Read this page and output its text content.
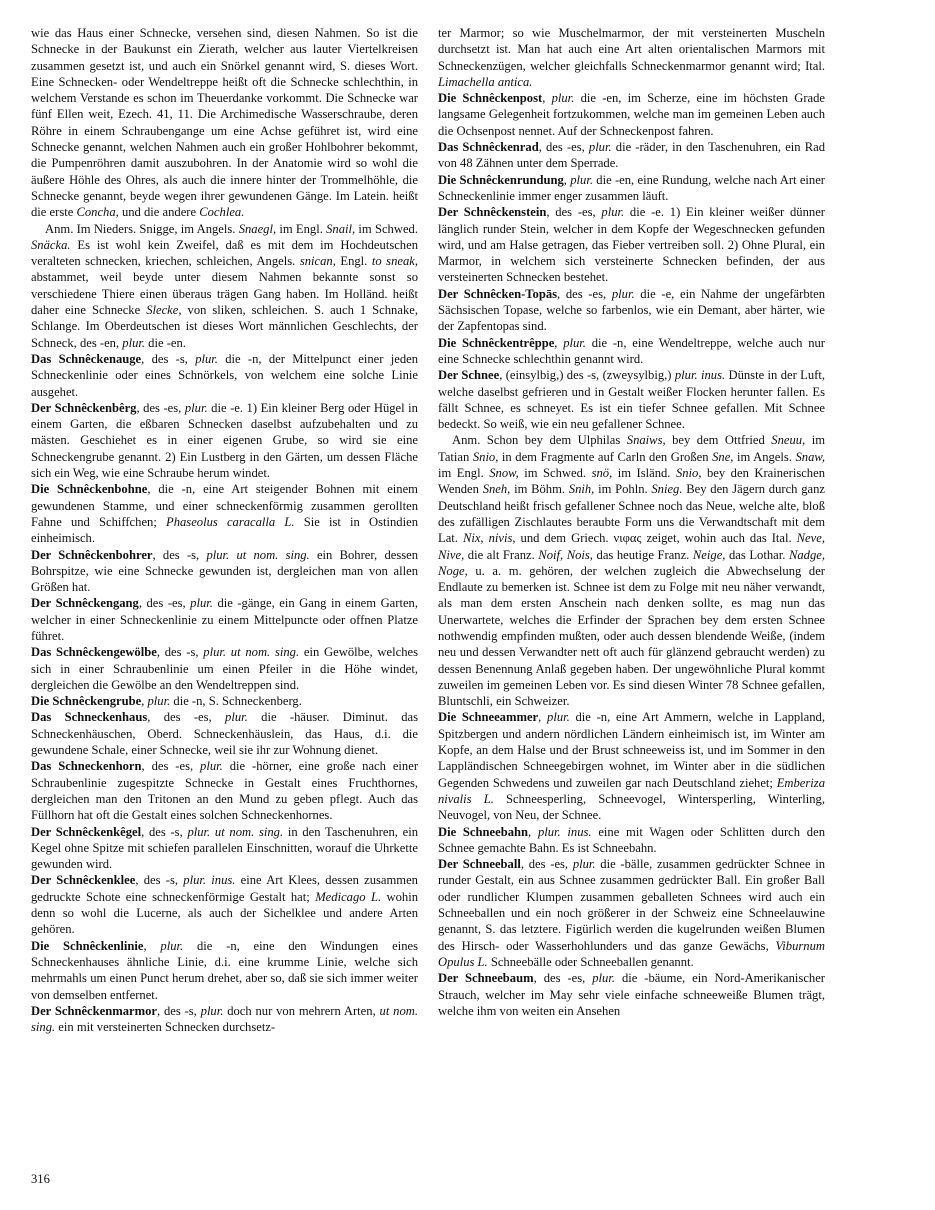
wie das Haus einer Schnecke, versehen sind, diesen Nahmen. So ist die Schnecke in der Baukunst ein Zierath, welcher aus lauter Viertelkreisen zusammen gesetzt ist, und auch ein Snörkel genannt wird, S. dieses Wort. Eine Schnecken- oder Wendeltreppe heißt oft die Schnecke schlechthin, in welchem Verstande es schon im Theuerdanke vorkommt. Die Schnecke war fünf Ellen weit, Ezech. 41, 11. Die Archimedische Wasserschraube, deren Röhre in einem Schraubengange um eine Achse geführet ist, wird eine Schnecke genannt, welchen Nahmen auch ein großer Hohlbohrer bekommt, die Pumpenröhren damit auszubohren. In der Anatomie wird so wohl die äußere Höhle des Ohres, als auch die innere hinter der Trommelhöhle, die Schnecke genannt, beyde wegen ihrer gewundenen Gänge. Im Latein. heißt die erste Concha, und die andere Cochlea.

Anm. Im Nieders. Snigge, im Angels. Snaegl, im Engl. Snail, im Schwed. Snäcka. Es ist wohl kein Zweifel, daß es mit dem im Hochdeutschen veralteten schnecken, kriechen, schleichen, Angels. snican, Engl. to sneak, abstammet, weil beyde unter diesem Nahmen bekannte sonst so verschiedene Thiere einen überaus trägen Gang haben. Im Holländ. heißt daher eine Schnecke Slecke, von sliken, schleichen. S. auch 1 Schnake, Schlange. Im Oberdeutschen ist dieses Wort männlichen Geschlechts, der Schneck, des -en, plur. die -en.

Das Schnêckenauge, des -s, plur. die -n, der Mittelpunct einer jeden Schneckenlinie oder eines Schnörkels, von welchem eine solche Linie ausgehet.

Der Schnêckenbêrg, des -es, plur. die -e. 1) Ein kleiner Berg oder Hügel in einem Garten, die eßbaren Schnecken daselbst aufzubehalten und zu mästen. Geschiehet es in einer eigenen Grube, so wird sie eine Schneckengrube genannt. 2) Ein Lustberg in den Gärten, um dessen Fläche sich ein Weg, wie eine Schraube herum windet.

Die Schnêckenbohne, die -n, eine Art steigender Bohnen mit einem gewundenen Stamme, und einer schneckenförmig zusammen gerollten Fahne und Schiffchen; Phaseolus caracalla L. Sie ist in Ostindien einheimisch.

Der Schnêckenbohrer, des -s, plur. ut nom. sing. ein Bohrer, dessen Bohrspitze, wie eine Schnecke gewunden ist, dergleichen man von allen Größen hat.

Der Schnêckengang, des -es, plur. die -gänge, ein Gang in einem Garten, welcher in einer Schneckenlinie zu einem Mittelpuncte oder offnen Platze führet.

Das Schnêckengewölbe, des -s, plur. ut nom. sing. ein Gewölbe, welches sich in einer Schraubenlinie um einen Pfeiler in die Höhe windet, dergleichen die Gewölbe an den Wendeltreppen sind.

Die Schnêckengrube, plur. die -n, S. Schneckenberg.

Das Schneckenhaus, des -es, plur. die -häuser. Diminut. das Schneckenhäuschen, Oberd. Schneckenhäuslein, das Haus, d.i. die gewundene Schale, einer Schnecke, weil sie ihr zur Wohnung dienet.

Das Schneckenhorn, des -es, plur. die -hörner, eine große nach einer Schraubenlinie zugespitzte Schnecke in Gestalt eines Fruchthornes, dergleichen man den Tritonen an den Mund zu geben pflegt. Auch das Füllhorn hat oft die Gestalt eines solchen Schneckenhornes.

Der Schnêckenkêgel, des -s, plur. ut nom. sing. in den Taschenuhren, ein Kegel ohne Spitze mit schiefen parallelen Einschnitten, worauf die Uhrkette gewunden wird.

Der Schnêckenklee, des -s, plur. inus. eine Art Klees, dessen zusammen gedruckte Schote eine schneckenförmige Gestalt hat; Medicago L. wohin denn so wohl die Lucerne, als auch der Sichelklee und andere Arten gehören.

Die Schnêckenlinie, plur. die -n, eine den Windungen eines Schneckenhauses ähnliche Linie, d.i. eine krumme Linie, welche sich mehrmahls um einen Punct herum drehet, aber so, daß sie sich immer weiter von demselben entfernet.

Der Schnêckenmarmor, des -s, plur. doch nur von mehrern Arten, ut nom. sing. ein mit versteinerten Schnecken durchsetz-

ter Marmor; so wie Muschelmarmor, der mit versteinerten Muscheln durchsetzt ist. Man hat auch eine Art alten orientalischen Marmors mit Schneckenzügen, welcher gleichfalls Schneckenmarmor genannt wird; Ital. Limachella antica.

Die Schnêckenpost, plur. die -en, im Scherze, eine im höchsten Grade langsame Gelegenheit fortzukommen, welche man im gemeinen Leben auch die Ochsenpost nennet. Auf der Schneckenpost fahren.

Das Schnêckenrad, des -es, plur. die -räder, in den Taschenuhren, ein Rad von 48 Zähnen unter dem Sperrade.

Die Schnêckenrundung, plur. die -en, eine Rundung, welche nach Art einer Schneckenlinie immer enger zusammen läuft.

Der Schnêckenstein, des -es, plur. die -e. 1) Ein kleiner weißer dünner länglich runder Stein, welcher in dem Kopfe der Wegeschnecken gefunden wird, und am Halse getragen, das Fieber vertreiben soll. 2) Ohne Plural, ein Marmor, in welchem sich versteinerte Schnecken befinden, der aus versteinerten Schnecken bestehet.

Der Schnêcken-Topās, des -es, plur. die -e, ein Nahme der ungefärbten Sächsischen Topase, welche so farbenlos, wie ein Demant, aber härter, wie der Zapfentopas sind.

Die Schnêckentrêppe, plur. die -n, eine Wendeltreppe, welche auch nur eine Schnecke schlechthin genannt wird.

Der Schnee, (einsylbig,) des -s, (zweysylbig,) plur. inus. Dünste in der Luft, welche daselbst gefrieren und in Gestalt weißer Flocken herunter fallen. Es fällt Schnee, es schneyet. Es ist ein tiefer Schnee gefallen. Mit Schnee bedeckt. So weiß, wie ein neu gefallener Schnee.

Anm. Schon bey dem Ulphilas Snaiws, bey dem Ottfried Sneuu, im Tatian Snio, in dem Fragmente auf Carln den Großen Sne, im Angels. Snaw, im Engl. Snow, im Schwed. snö, im Isländ. Snio, bey den Krainerischen Wenden Sneh, im Böhm. Snih, im Pohln. Snieg. Bey den Jägern durch ganz Deutschland heißt frisch gefallener Schnee noch das Neue, welche alte, bloß des zufälligen Zischlautes beraubte Form uns die Verwandtschaft mit dem Lat. Nix, nivis, und dem Griech. νιφας zeiget, wohin auch das Ital. Neve, Nive, die alt Franz. Noif, Nois, das heutige Franz. Neige, das Lothar. Nadge, Noge, u. a. m. gehören, der welchen zugleich die Abwechselung der Endlaute zu bemerken ist. Schnee ist dem zu Folge mit neu näher verwandt, als man dem ersten Anschein nach denken sollte, es mag nun das Unerwartete, welches die Erfinder der Sprachen bey dem ersten Schnee nothwendig empfinden mußten, oder auch dessen blendende Weiße, (indem neu und dessen Verwandter nett oft auch für glänzend gebraucht werden) zu dessen Benennung Anlaß gegeben haben. Der ungewöhnliche Plural kommt zuweilen im gemeinen Leben vor. Es sind diesen Winter 78 Schnee gefallen, Bluntschli, ein Schweizer.

Die Schneeammer, plur. die -n, eine Art Ammern, welche in Lappland, Spitzbergen und andern nördlichen Ländern einheimisch ist, im Winter am Kopfe, an dem Halse und der Brust schneeweiss ist, und im Sommer in den Lappländischen Schneegebirgen wohnet, im Winter aber in die südlichen Gegenden Schwedens und zuweilen gar nach Deutschland ziehet; Emberiza nivalis L. Schneesperling, Schneevogel, Wintersperling, Winterling, Neuvogel, von Neu, der Schnee.

Die Schneebahn, plur. inus. eine mit Wagen oder Schlitten durch den Schnee gemachte Bahn. Es ist Schneebahn.

Der Schneeball, des -es, plur. die -bälle, zusammen gedrückter Schnee in runder Gestalt, ein aus Schnee zusammen gedrückter Ball. Ein großer Ball oder rundlicher Klumpen zusammen geballeten Schnees wird auch ein Schneeballen und ein noch größerer in der Schweiz eine Schneelauwine genannt, S. das letztere. Figürlich werden die kugelrunden weißen Blumen des Hirsch- oder Wasserhohlunders und das ganze Gewächs, Viburnum Opulus L. Schneebälle oder Schneeballen genannt.

Der Schneebaum, des -es, plur. die -bäume, ein Nord-Amerikanischer Strauch, welcher im May sehr viele einfache schneeweiße Blumen trägt, welche ihm von weiten ein Ansehen

316
